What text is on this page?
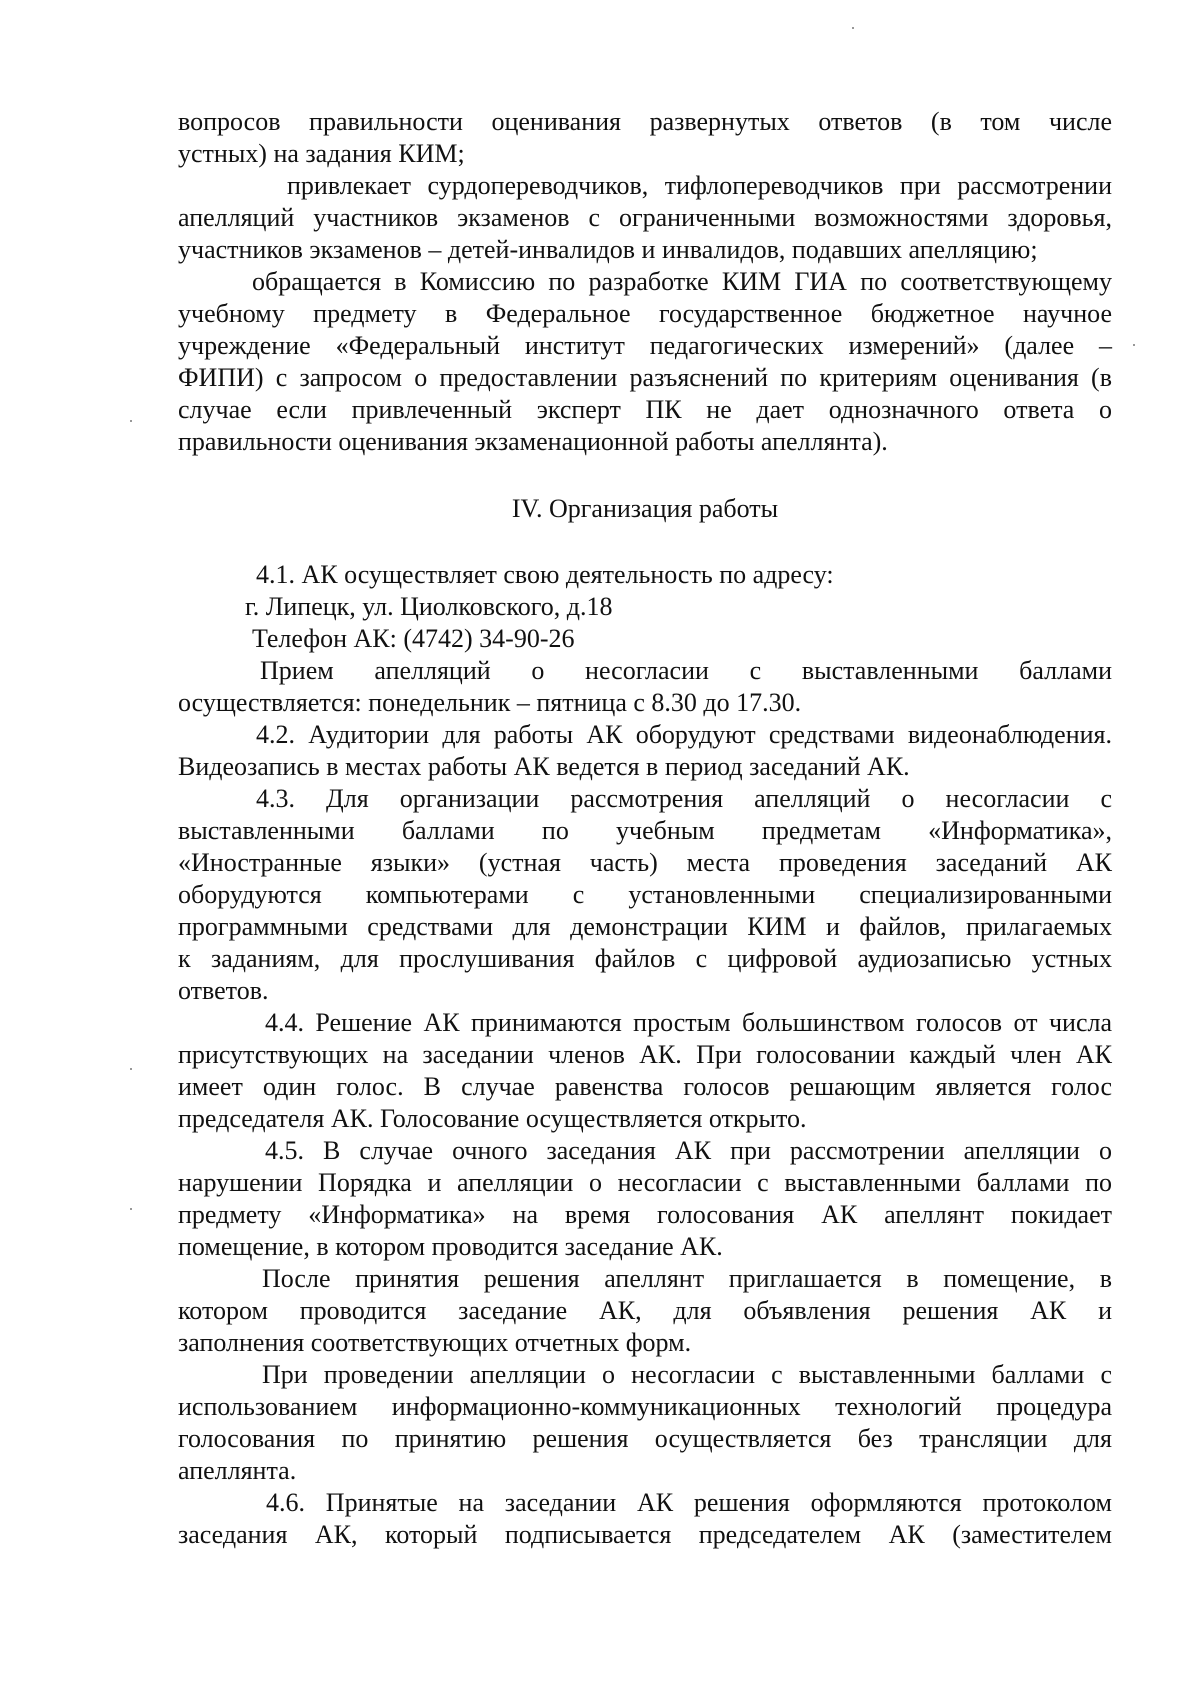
вопросов правильности оценивания развернутых ответов (в том числе
устных) на задания КИМ;
привлекает сурдопереводчиков, тифлопереводчиков при рассмотрении
апелляций участников экзаменов с ограниченными возможностями здоровья,
участников экзаменов – детей-инвалидов и инвалидов, подавших апелляцию;
обращается в Комиссию по разработке КИМ ГИА по соответствующему
учебному предмету в Федеральное государственное бюджетное научное
учреждение «Федеральный институт педагогических измерений» (далее –
ФИПИ) с запросом о предоставлении разъяснений по критериям оценивания (в
случае если привлеченный эксперт ПК не дает однозначного ответа о
правильности оценивания экзаменационной работы апеллянта).
IV. Организация работы
4.1. АК осуществляет свою деятельность по адресу:
г. Липецк, ул. Циолковского, д.18
Телефон АК: (4742) 34-90-26
Прием апелляций о несогласии с выставленными баллами
осуществляется: понедельник – пятница с 8.30 до 17.30.
4.2. Аудитории для работы АК оборудуют средствами видеонаблюдения.
Видеозапись в местах работы АК ведется в период заседаний АК.
4.3. Для организации рассмотрения апелляций о несогласии с
выставленными баллами по учебным предметам «Информатика»,
«Иностранные языки» (устная часть) места проведения заседаний АК
оборудуются компьютерами с установленными специализированными
программными средствами для демонстрации КИМ и файлов, прилагаемых
к заданиям, для прослушивания файлов с цифровой аудиозаписью устных
ответов.
4.4. Решение АК принимаются простым большинством голосов от числа
присутствующих на заседании членов АК. При голосовании каждый член АК
имеет один голос. В случае равенства голосов решающим является голос
председателя АК. Голосование осуществляется открыто.
4.5. В случае очного заседания АК при рассмотрении апелляции о
нарушении Порядка и апелляции о несогласии с выставленными баллами по
предмету «Информатика» на время голосования АК апеллянт покидает
помещение, в котором проводится заседание АК.
После принятия решения апеллянт приглашается в помещение, в
котором проводится заседание АК, для объявления решения АК и
заполнения соответствующих отчетных форм.
При проведении апелляции о несогласии с выставленными баллами с
использованием информационно-коммуникационных технологий процедура
голосования по принятию решения осуществляется без трансляции для
апеллянта.
4.6. Принятые на заседании АК решения оформляются протоколом
заседания АК, который подписывается председателем АК (заместителем
